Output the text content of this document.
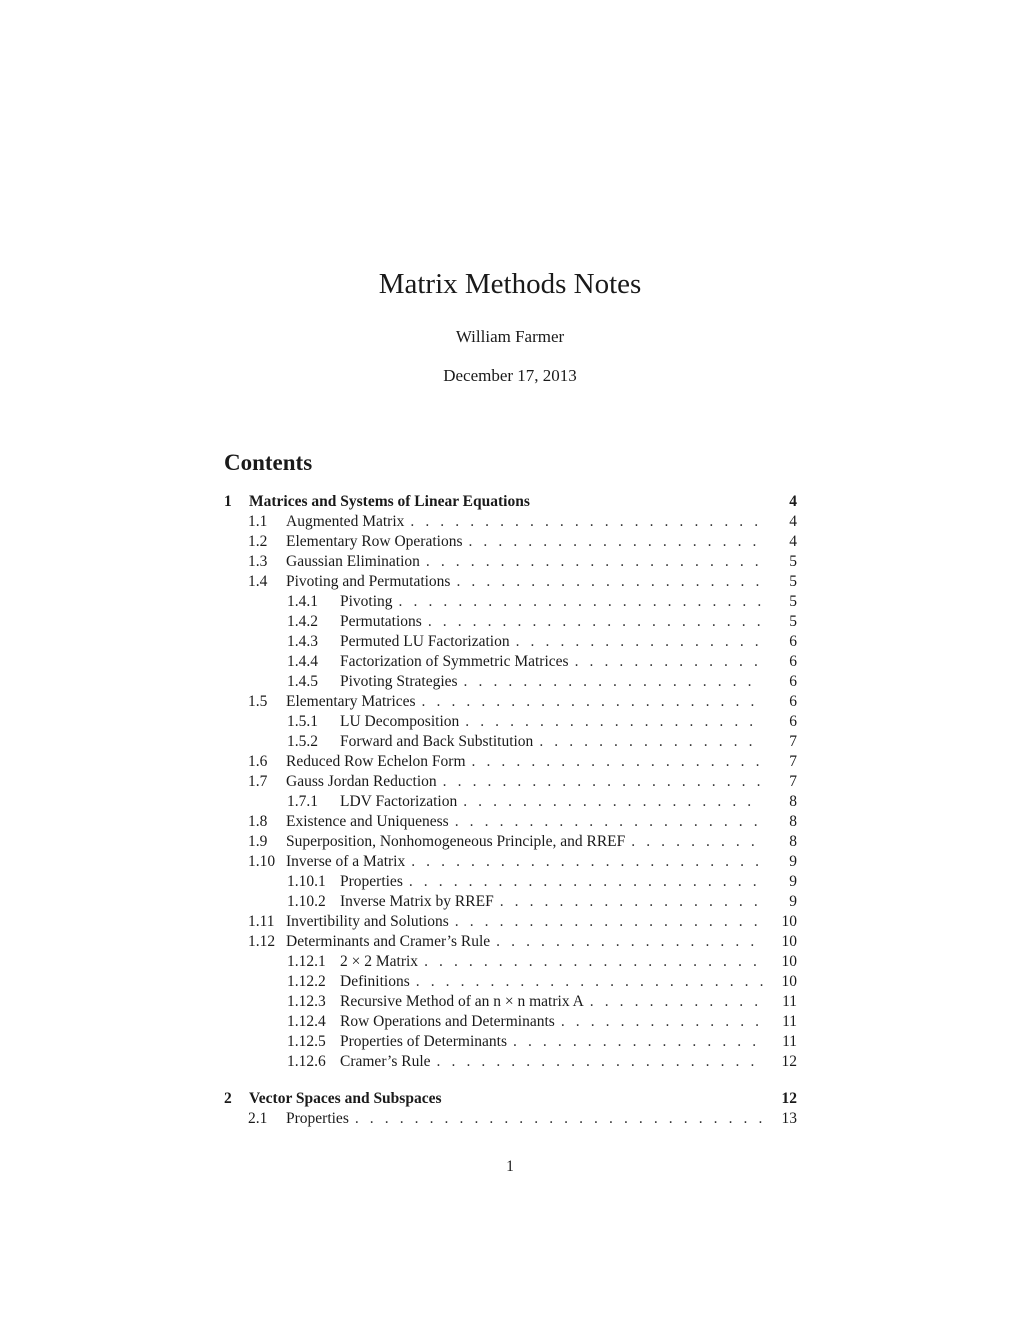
Matrix Methods Notes
William Farmer
December 17, 2013
Contents
1	Matrices and Systems of Linear Equations	4
1.1	Augmented Matrix . . .	4
1.2	Elementary Row Operations . . .	4
1.3	Gaussian Elimination . . .	5
1.4	Pivoting and Permutations . . .	5
1.4.1	Pivoting . . .	5
1.4.2	Permutations . . .	5
1.4.3	Permuted LU Factorization . . .	6
1.4.4	Factorization of Symmetric Matrices . . .	6
1.4.5	Pivoting Strategies . . .	6
1.5	Elementary Matrices . . .	6
1.5.1	LU Decomposition . . .	6
1.5.2	Forward and Back Substitution . . .	7
1.6	Reduced Row Echelon Form . . .	7
1.7	Gauss Jordan Reduction . . .	7
1.7.1	LDV Factorization . . .	8
1.8	Existence and Uniqueness . . .	8
1.9	Superposition, Nonhomogeneous Principle, and RREF . . .	8
1.10 Inverse of a Matrix . . .	9
1.10.1 Properties . . .	9
1.10.2 Inverse Matrix by RREF . . .	9
1.11 Invertibility and Solutions . . .	10
1.12 Determinants and Cramer’s Rule . . .	10
1.12.1 2 × 2 Matrix . . .	10
1.12.2 Definitions . . .	10
1.12.3 Recursive Method of an n × n matrix A . . .	11
1.12.4 Row Operations and Determinants . . .	11
1.12.5 Properties of Determinants . . .	11
1.12.6 Cramer’s Rule . . .	12
2	Vector Spaces and Subspaces	12
2.1	Properties . . .	13
1
